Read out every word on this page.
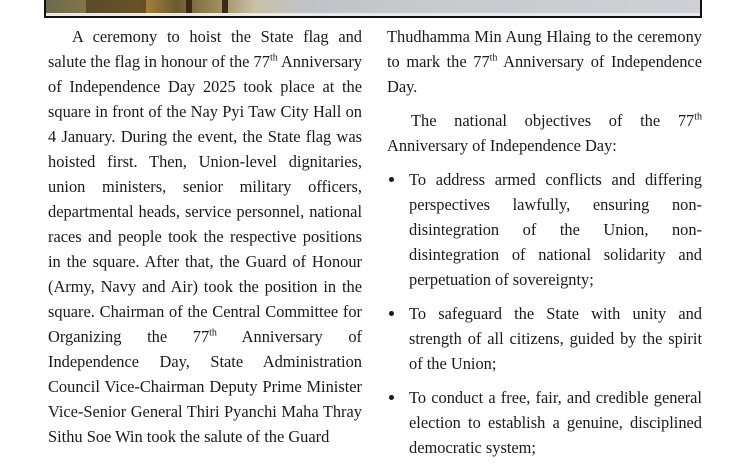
A ceremony to hoist the State flag and salute the flag in honour of the 77th Anniversary of Independence Day 2025 took place at the square in front of the Nay Pyi Taw City Hall on 4 January. During the event, the State flag was hoisted first. Then, Union-level dignitaries, union ministers, senior military officers, departmental heads, service personnel, national races and people took the respective positions in the square. After that, the Guard of Honour (Army, Navy and Air) took the position in the square. Chairman of the Central Committee for Organizing the 77th Anniversary of Independence Day, State Administration Council Vice-Chairman Deputy Prime Minister Vice-Senior General Thiri Pyanchi Maha Thray Sithu Soe Win took the salute of the Guard

Thudhamma Min Aung Hlaing to the ceremony to mark the 77th Anniversary of Independence Day.

The national objectives of the 77th Anniversary of Independence Day:

To address armed conflicts and differing perspectives lawfully, ensuring non-disintegration of the Union, non-disintegration of national solidarity and perpetuation of sovereignty;
To safeguard the State with unity and strength of all citizens, guided by the spirit of the Union;
To conduct a free, fair, and credible general election to establish a genuine, disciplined democratic system;
